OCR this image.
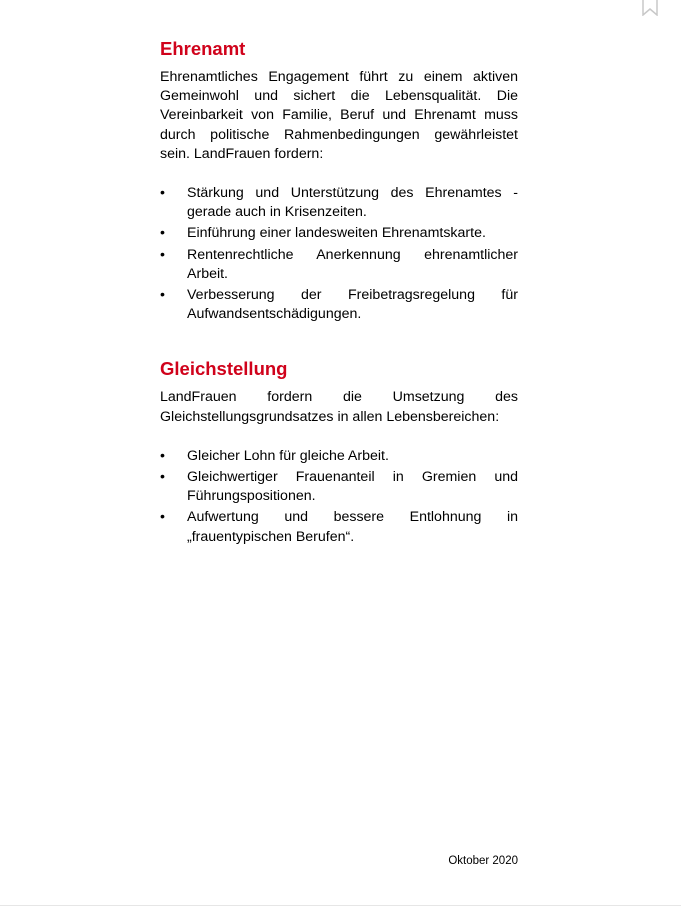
Ehrenamt

Ehrenamtliches Engagement führt zu einem aktiven Gemeinwohl und sichert die Lebensqualität. Die Vereinbarkeit von Familie, Beruf und Ehrenamt muss durch politische Rahmenbedingungen gewährleistet sein. LandFrauen fordern:

• Stärkung und Unterstützung des Ehrenamtes - gerade auch in Krisenzeiten.
• Einführung einer landesweiten Ehrenamtskarte.
• Rentenrechtliche Anerkennung ehrenamtlicher Arbeit.
• Verbesserung der Freibetragsregelung für Aufwandsentschädigungen.
Gleichstellung

LandFrauen fordern die Umsetzung des Gleichstellungsgrundsatzes in allen Lebensbereichen:

• Gleicher Lohn für gleiche Arbeit.
• Gleichwertiger Frauenanteil in Gremien und Führungspositionen.
• Aufwertung und bessere Entlohnung in „frauentypischen Berufen“.
Oktober 2020
